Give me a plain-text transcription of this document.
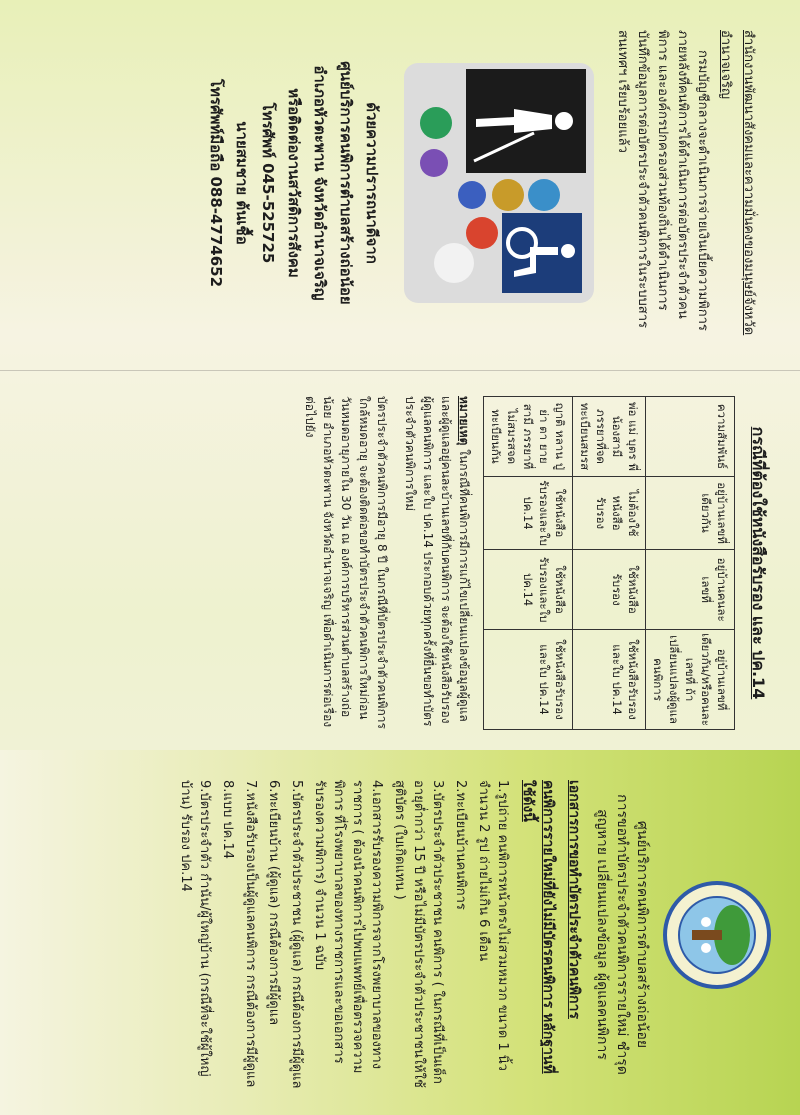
สำนักงานพัฒนาสังคมและความมั่นคงของมนุษย์จังหวัด
อำนาจเจริญ
กรมบัญชีกลางจะดำเนินการจ่ายเงินเบี้ยความพิการภายหลังที่คนพิการได้ดำเนินการต่อบัตรประจำตัวคนพิการ และองค์กรปกครองส่วนท้องถิ่นได้ดำเนินการบันทึกข้อมูลการต่อบัตรประจำตัวคนพิการในระบบสารสนเทศฯ เรียบร้อยแล้ว
ด้วยความปรารถนาดีจาก
ศูนย์บริการคนพิการตำบลสร้างถ่อน้อย
อำเภอหัวตะพาน จังหวัดอำนาจเจริญ
หรือติดต่องานสวัสดิการสังคม
โทรศัพท์ 045-525725
นายสมชาย ต้นเชื้อ
โทรศัพท์มือถือ 088-4774652
กรณีที่ต้องใช้หนังสือรับรอง และ ปค.14
ความสัมพันธ์	อยู่บ้านเลขที่เดียวกัน	อยู่บ้านคนละเลขที่	อยู่บ้านเลขที่เดียวกัน/หรือคนละเลขที่ ถ้าเปลี่ยนแปลงผู้ดูแลคนพิการ
พ่อ แม่ บุตร พี่น้องสามี ภรรยาที่จดทะเบียนสมรส	ไม่ต้องใช้หนังสือรับรอง	ใช้หนังสือรับรอง	ใช้หนังสือรับรองและใบ ปค.14
ญาติ หลาน ปู่ ย่า ตา ยาย สามี ภรรยาที่ไม่สมรสจดทะเบียนกัน	ใช้หนังสือรับรองและใบ ปค.14	ใช้หนังสือรับรองและใบ ปค.14	ใช้หนังสือรับรองและใบ ปค.14
หมายเหตุ ในกรณีที่คนพิการมีการแก้ไขเปลี่ยนแปลงข้อมูลผู้ดูแล และผู้ดูแลอยู่คนละบ้านเลขที่กับคนพิการ จะต้องใช้หนังสือรับรองผู้ดูแลคนพิการ และใบ ปค.14 ประกอบด้วยทุกครั้งที่ยื่นขอทำบัตรประจำตัวคนพิการใหม่
บัตรประจำตัวคนพิการมีอายุ 8 ปี ในกรณีที่บัตรประจำตัวคนพิการใกล้หมดอายุ จะต้องติดต่อขอทำบัตรประจำตัวคนพิการใหม่ก่อนวันหมดอายุภายใน 30 วัน ณ องค์การบริหารส่วนตำบลสร้างถ่อน้อย อำเภอหัวตะพาน จังหวัดอำนาจเจริญ เพื่อดำเนินการต่อเรื่องต่อไปยัง
ศูนย์บริการคนพิการตำบลสร้างถ่อน้อย
การขอทำบัตรประจำตัวคนพิการรายใหม่ ชำรุด
สูญหาย เปลี่ยนแปลงข้อมูล ผู้ดูแลคนพิการ
เอกสารการขอทำบัตรประจำตัวคนพิการ
คนพิการรายใหม่ที่ยังไม่มีบัตรคนพิการ หลักฐานที่ใช้ดังนี้
1.รูปถ่าย คนพิการหน้าตรงไม่สวมหมวก ขนาด 1 นิ้ว จำนวน 2 รูป ถ่ายไม่เกิน 6 เดือน
2.ทะเบียนบ้านคนพิการ
3.บัตรประจำตัวประชาชน คนพิการ ( ในกรณีที่เป็นเด็กอายุต่ำกว่า 15 ปี หรือไม่มีบัตรประจำตัวประชาชนให้ใช้สูติบัตร (ใบเกิดแทน )
4.เอกสารรับรองความพิการจากโรงพยาบาลของทางราชการ ( ต้องนำคนพิการไปพบแพทย์เพื่อตรวจความพิการ ที่โรงพยาบาลของทางราชการและขอเอกสารรับรองความพิการ) จำนวน 1 ฉบับ
5.บัตรประจำตัวประชาชน (ผู้ดูแล) กรณีต้องการมีผู้ดูแล
6.ทะเบียนบ้าน (ผู้ดูแล) กรณีต้องการมีผู้ดูแล
7.หนังสือรับรองเป็นผู้ดูแลคนพิการ กรณีต้องการมีผู้ดูแล
8.แบบ ปค.14
9.บัตรประจำตัว กำนัน/ผู้ใหญ่บ้าน (กรณีที่จะใช้ผู้ใหญ่บ้าน) รับรอง ปค.14
